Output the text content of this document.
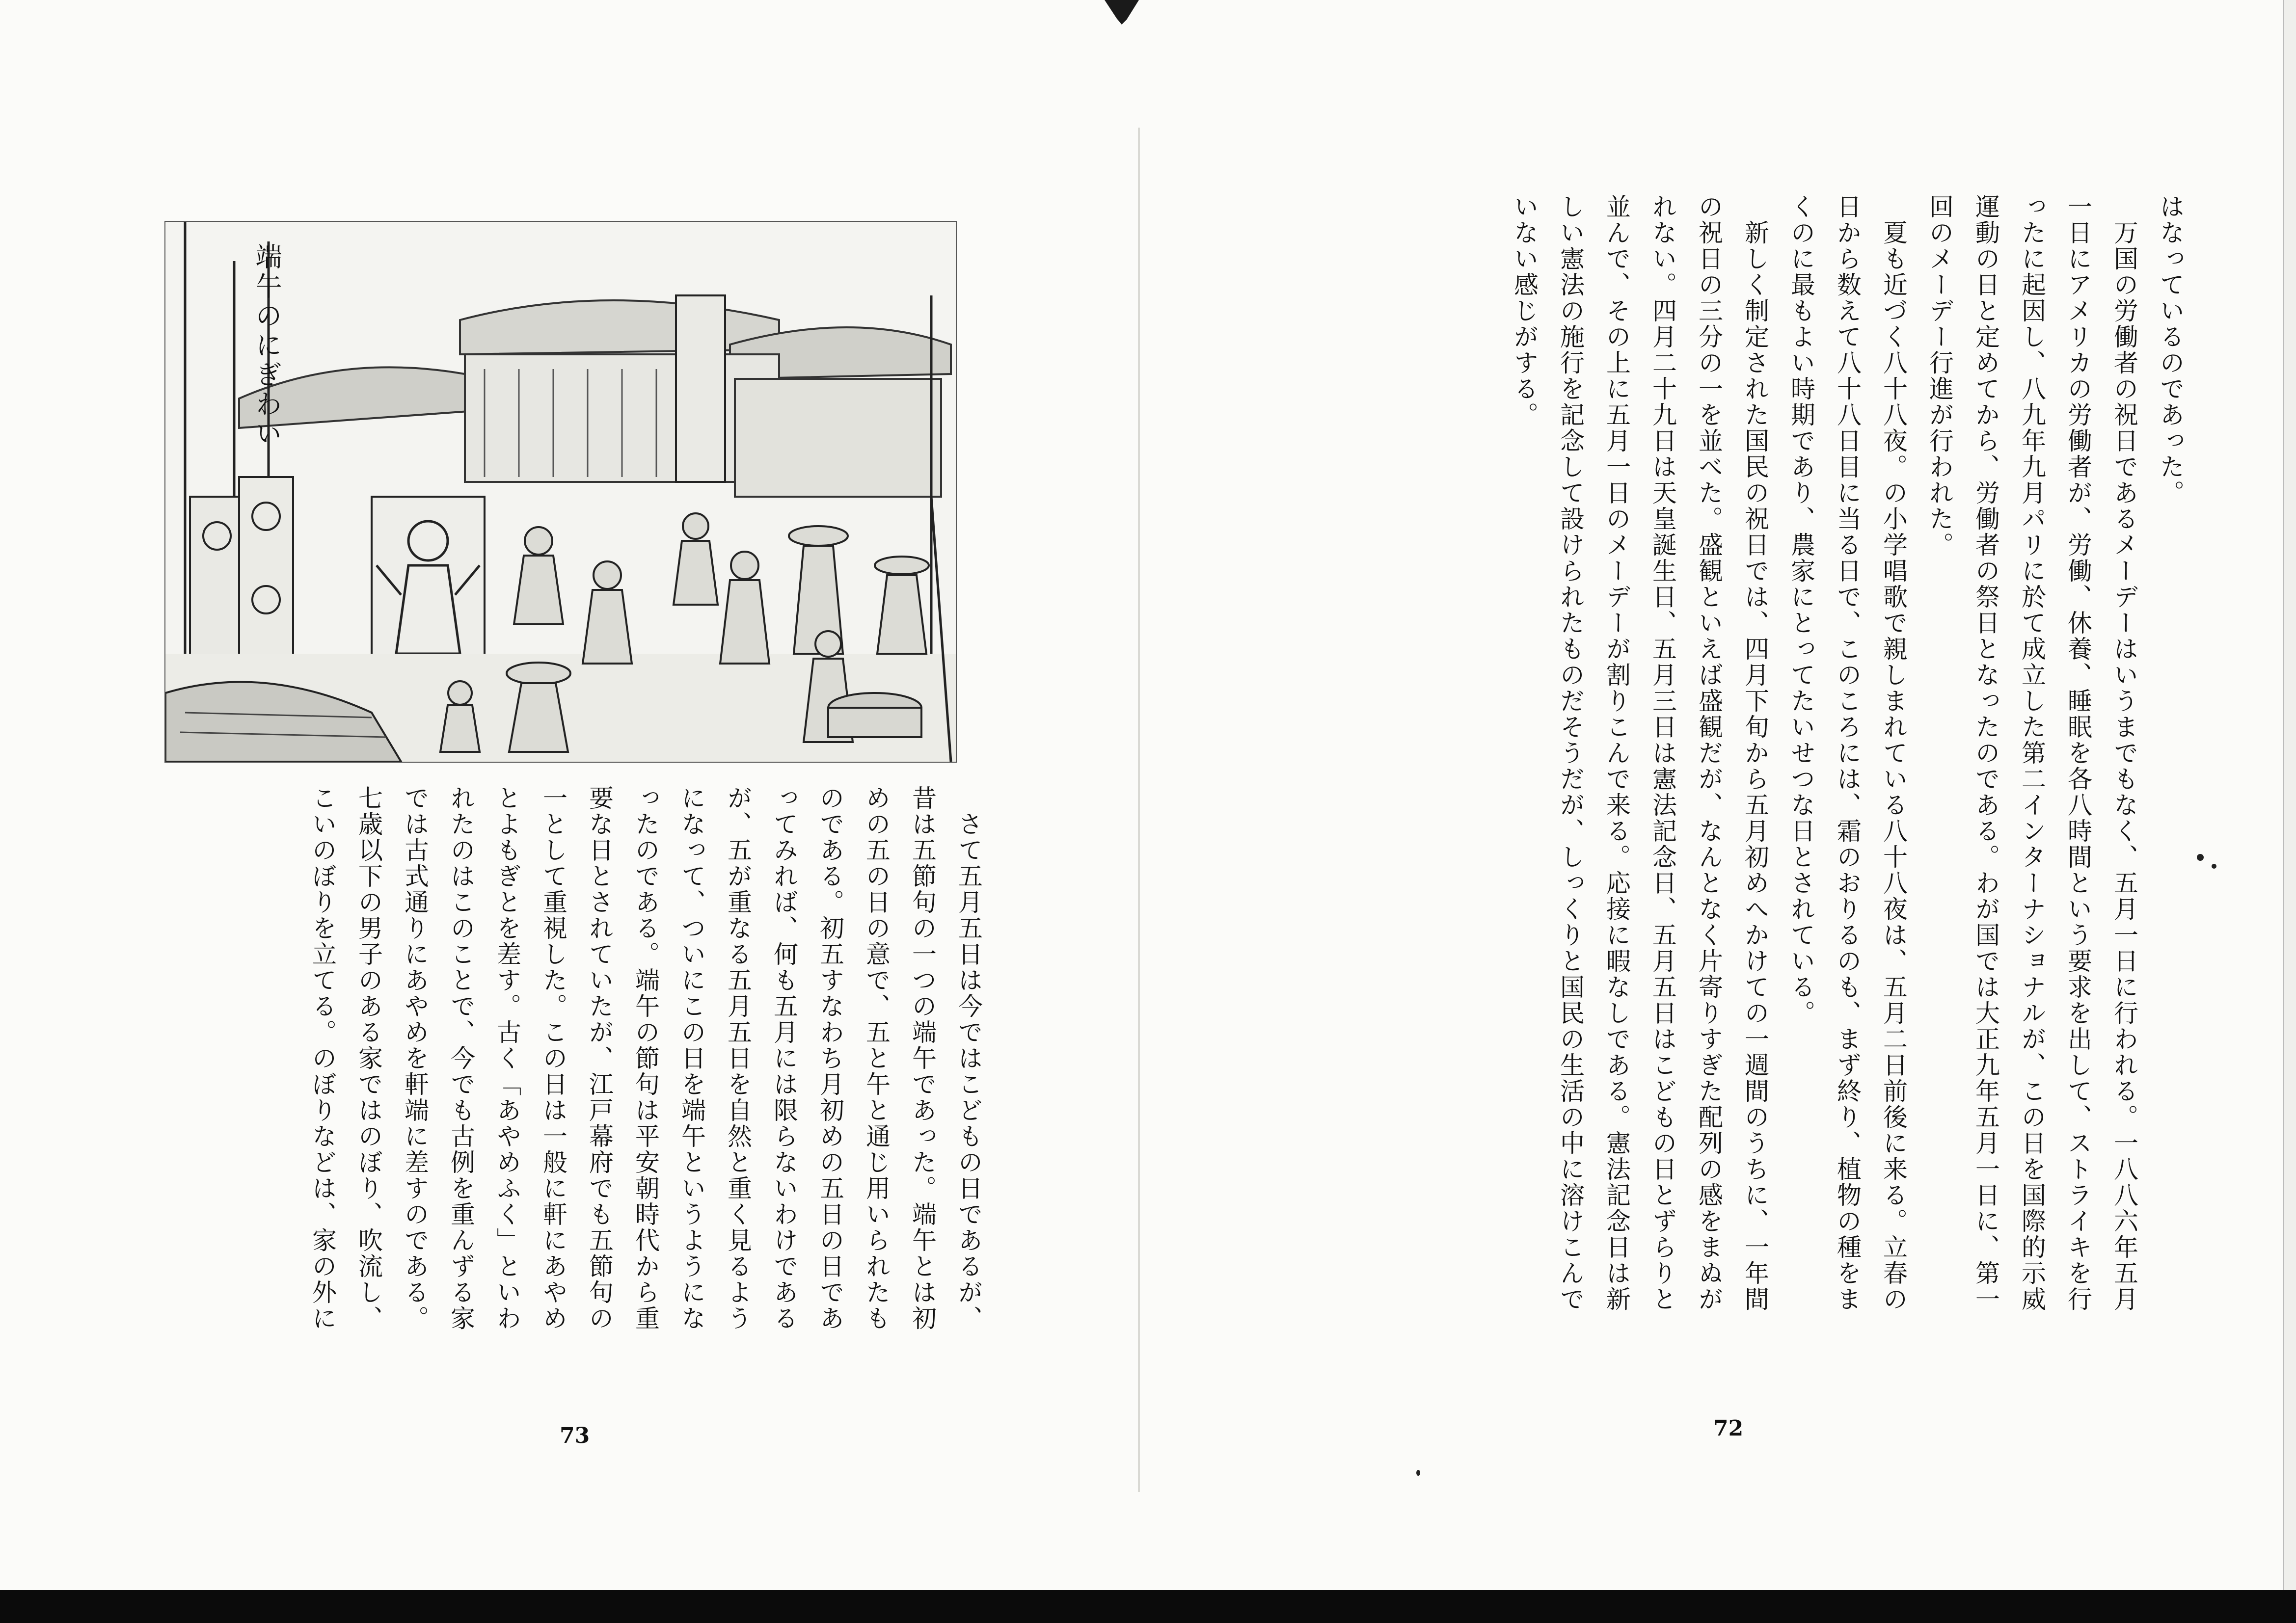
はなっているのであった。

　万国の労働者の祝日であるメーデーはいうまでもなく、五月一日に行われる。一八八六年五月

一日にアメリカの労働者が、労働、休養、睡眠を各八時間という要求を出して、ストライキを行

ったに起因し、八九年九月パリに於て成立した第二インターナショナルが、この日を国際的示威

運動の日と定めてから、労働者の祭日となったのである。わが国では大正九年五月一日に、第一

回のメーデー行進が行われた。

　夏も近づく八十八夜。の小学唱歌で親しまれている八十八夜は、五月二日前後に来る。立春の

日から数えて八十八日目に当る日で、このころには、霜のおりるのも、まず終り、植物の種をま

くのに最もよい時期であり、農家にとってたいせつな日とされている。

　新しく制定された国民の祝日では、四月下旬から五月初めへかけての一週間のうちに、一年間

の祝日の三分の一を並べた。盛観といえば盛観だが、なんとなく片寄りすぎた配列の感をまぬが

れない。四月二十九日は天皇誕生日、五月三日は憲法記念日、五月五日はこどもの日とずらりと

並んで、その上に五月一日のメーデーが割りこんで来る。応接に暇なしである。憲法記念日は新

しい憲法の施行を記念して設けられたものだそうだが、しっくりと国民の生活の中に溶けこんで

いない感じがする。

72
端午のにぎわい

　さて五月五日は今ではこどもの日であるが、

昔は五節句の一つの端午であった。端午とは初

めの五の日の意で、五と午と通じ用いられたも

のである。初五すなわち月初めの五日の日であ

ってみれば、何も五月には限らないわけである

が、五が重なる五月五日を自然と重く見るよう

になって、ついにこの日を端午というようにな

ったのである。端午の節句は平安朝時代から重

要な日とされていたが、江戸幕府でも五節句の

一として重視した。この日は一般に軒にあやめ

とよもぎとを差す。古く「あやめふく」といわ

れたのはこのことで、今でも古例を重んずる家

では古式通りにあやめを軒端に差すのである。

七歳以下の男子のある家ではのぼり、吹流し、

こいのぼりを立てる。のぼりなどは、家の外に

73
